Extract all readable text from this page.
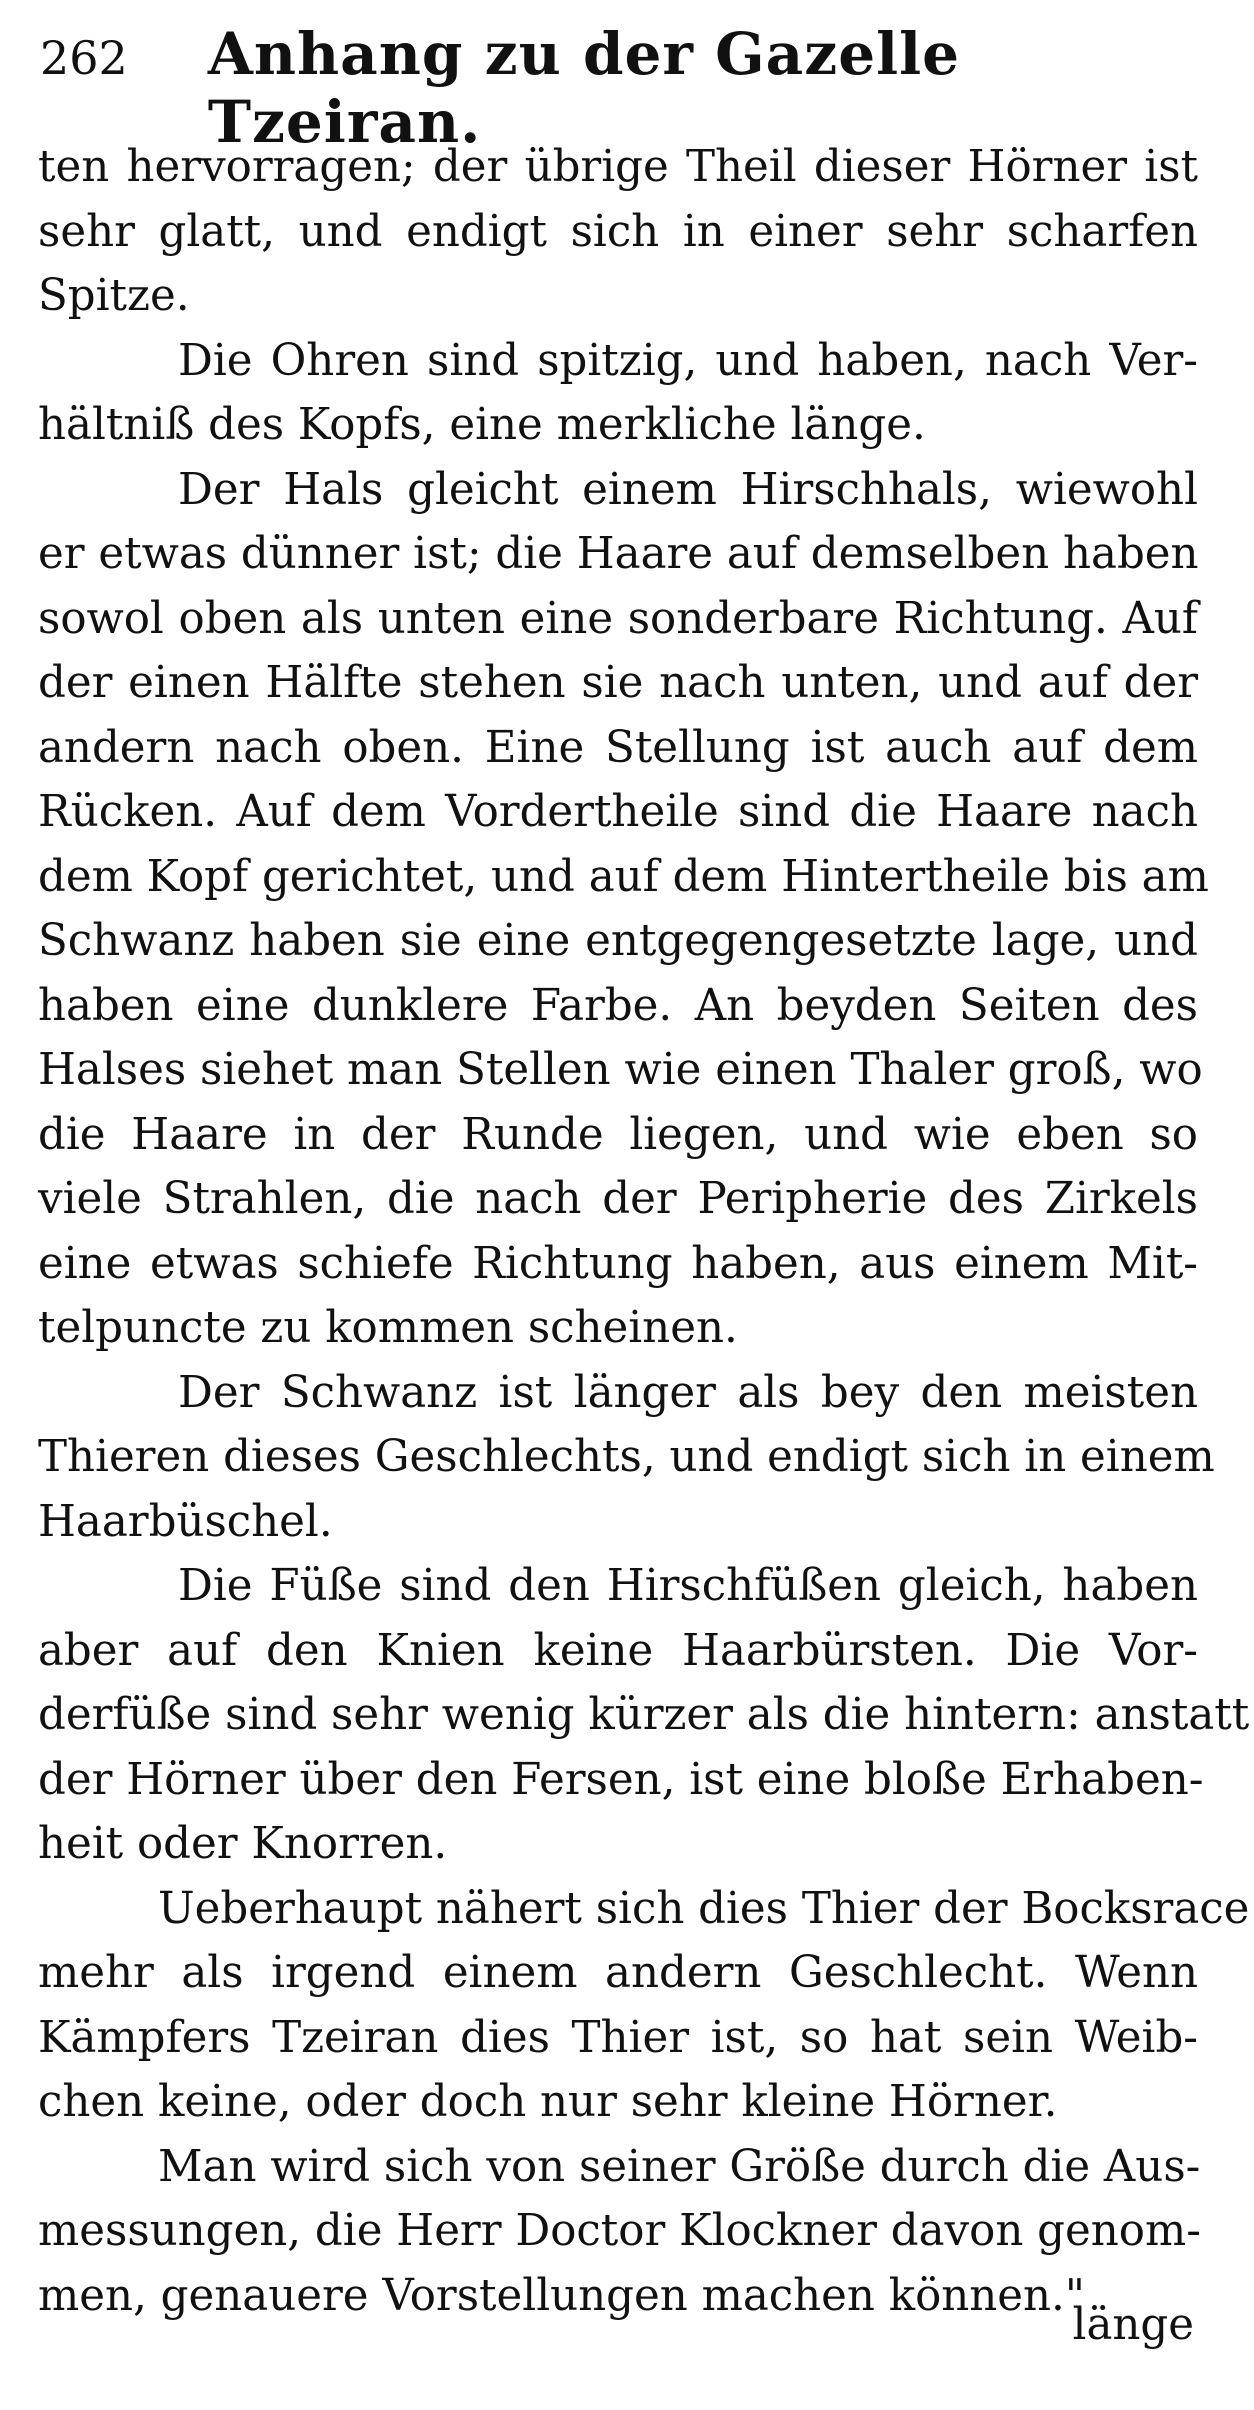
262 Anhang zu der Gazelle Tzeiran.
ten hervorragen; der übrige Theil dieser Hörner ist
sehr glatt, und endigt sich in einer sehr scharfen
Spitze.
Die Ohren sind spitzig, und haben, nach Ver-
hältniß des Kopfs, eine merkliche länge.
Der Hals gleicht einem Hirschhals, wiewohl
er etwas dünner ist; die Haare auf demselben haben
sowol oben als unten eine sonderbare Richtung. Auf
der einen Hälfte stehen sie nach unten, und auf der
andern nach oben. Eine Stellung ist auch auf dem
Rücken. Auf dem Vordertheile sind die Haare nach
dem Kopf gerichtet, und auf dem Hintertheile bis am
Schwanz haben sie eine entgegengesetzte lage, und
haben eine dunklere Farbe. An beyden Seiten des
Halses siehet man Stellen wie einen Thaler groß, wo
die Haare in der Runde liegen, und wie eben so
viele Strahlen, die nach der Peripherie des Zirkels
eine etwas schiefe Richtung haben, aus einem Mit-
telpuncte zu kommen scheinen.
Der Schwanz ist länger als bey den meisten
Thieren dieses Geschlechts, und endigt sich in einem
Haarbüschel.
Die Füße sind den Hirschfüßen gleich, haben
aber auf den Knien keine Haarbürsten. Die Vor-
derfüße sind sehr wenig kürzer als die hintern: anstatt
der Hörner über den Fersen, ist eine bloße Erhaben-
heit oder Knorren.
Ueberhaupt nähert sich dies Thier der Bocksrace
mehr als irgend einem andern Geschlecht. Wenn
Kämpfers Tzeiran dies Thier ist, so hat sein Weib-
chen keine, oder doch nur sehr kleine Hörner.
Man wird sich von seiner Größe durch die Aus-
messungen, die Herr Doctor Klockner davon genom-
men, genauere Vorstellungen machen können."
länge
